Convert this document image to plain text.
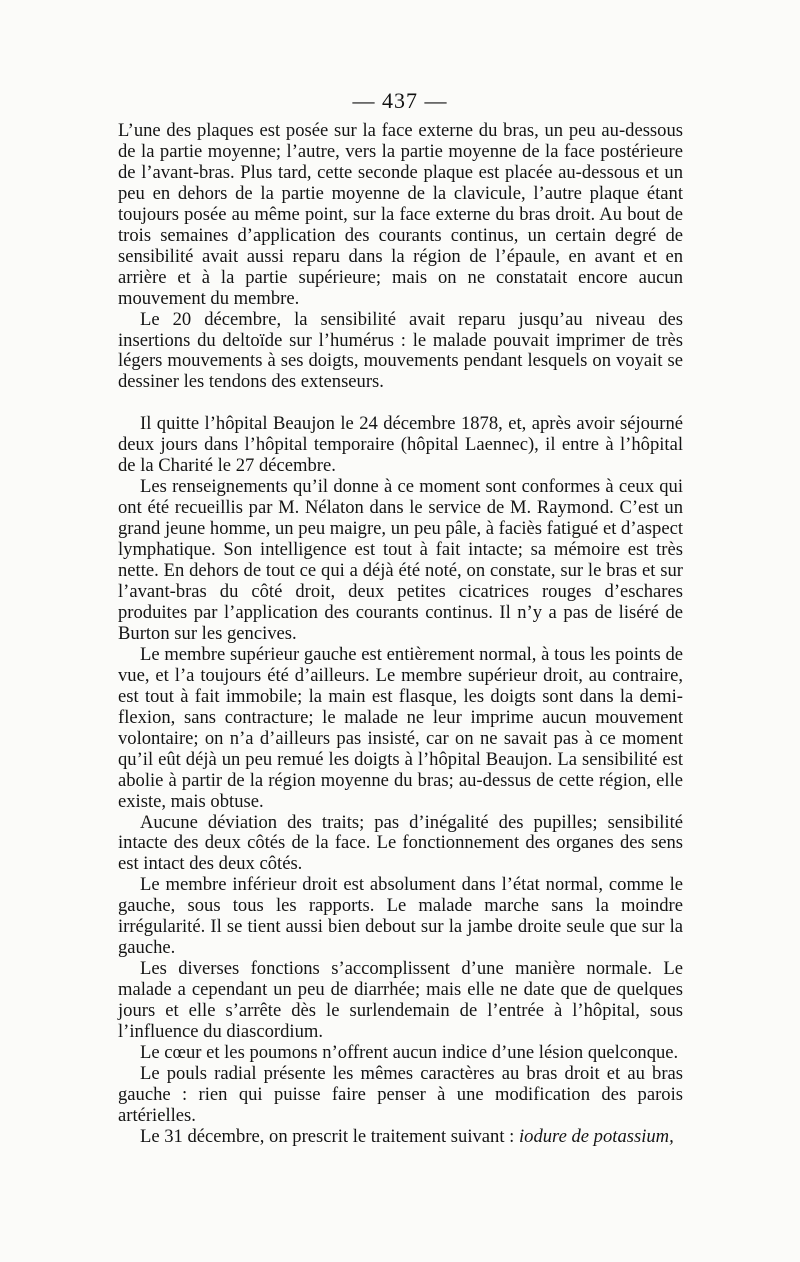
— 437 —

L’une des plaques est posée sur la face externe du bras, un peu au-dessous de la partie moyenne; l’autre, vers la partie moyenne de la face postérieure de l’avant-bras. Plus tard, cette seconde plaque est placée au-dessous et un peu en dehors de la partie moyenne de la clavicule, l’autre plaque étant toujours posée au même point, sur la face externe du bras droit. Au bout de trois semaines d’application des courants continus, un certain degré de sensibilité avait aussi reparu dans la région de l’épaule, en avant et en arrière et à la partie supérieure; mais on ne constatait encore aucun mouvement du membre.

Le 20 décembre, la sensibilité avait reparu jusqu’au niveau des insertions du deltoïde sur l’humérus : le malade pouvait imprimer de très légers mouvements à ses doigts, mouvements pendant lesquels on voyait se dessiner les tendons des extenseurs.

Il quitte l’hôpital Beaujon le 24 décembre 1878, et, après avoir séjourné deux jours dans l’hôpital temporaire (hôpital Laennec), il entre à l’hôpital de la Charité le 27 décembre.

Les renseignements qu’il donne à ce moment sont conformes à ceux qui ont été recueillis par M. Nélaton dans le service de M. Raymond. C’est un grand jeune homme, un peu maigre, un peu pâle, à faciès fatigué et d’aspect lymphatique. Son intelligence est tout à fait intacte; sa mémoire est très nette. En dehors de tout ce qui a déjà été noté, on constate, sur le bras et sur l’avant-bras du côté droit, deux petites cicatrices rouges d’eschares produites par l’application des courants continus. Il n’y a pas de liséré de Burton sur les gencives.

Le membre supérieur gauche est entièrement normal, à tous les points de vue, et l’a toujours été d’ailleurs. Le membre supérieur droit, au contraire, est tout à fait immobile; la main est flasque, les doigts sont dans la demi-flexion, sans contracture; le malade ne leur imprime aucun mouvement volontaire; on n’a d’ailleurs pas insisté, car on ne savait pas à ce moment qu’il eût déjà un peu remué les doigts à l’hôpital Beaujon. La sensibilité est abolie à partir de la région moyenne du bras; au-dessus de cette région, elle existe, mais obtuse.

Aucune déviation des traits; pas d’inégalité des pupilles; sensibilité intacte des deux côtés de la face. Le fonctionnement des organes des sens est intact des deux côtés.

Le membre inférieur droit est absolument dans l’état normal, comme le gauche, sous tous les rapports. Le malade marche sans la moindre irrégularité. Il se tient aussi bien debout sur la jambe droite seule que sur la gauche.

Les diverses fonctions s’accomplissent d’une manière normale. Le malade a cependant un peu de diarrhée; mais elle ne date que de quelques jours et elle s’arrête dès le surlendemain de l’entrée à l’hôpital, sous l’influence du diascordium.

Le cœur et les poumons n’offrent aucun indice d’une lésion quelconque.

Le pouls radial présente les mêmes caractères au bras droit et au bras gauche : rien qui puisse faire penser à une modification des parois artérielles.

Le 31 décembre, on prescrit le traitement suivant : iodure de potassium,
